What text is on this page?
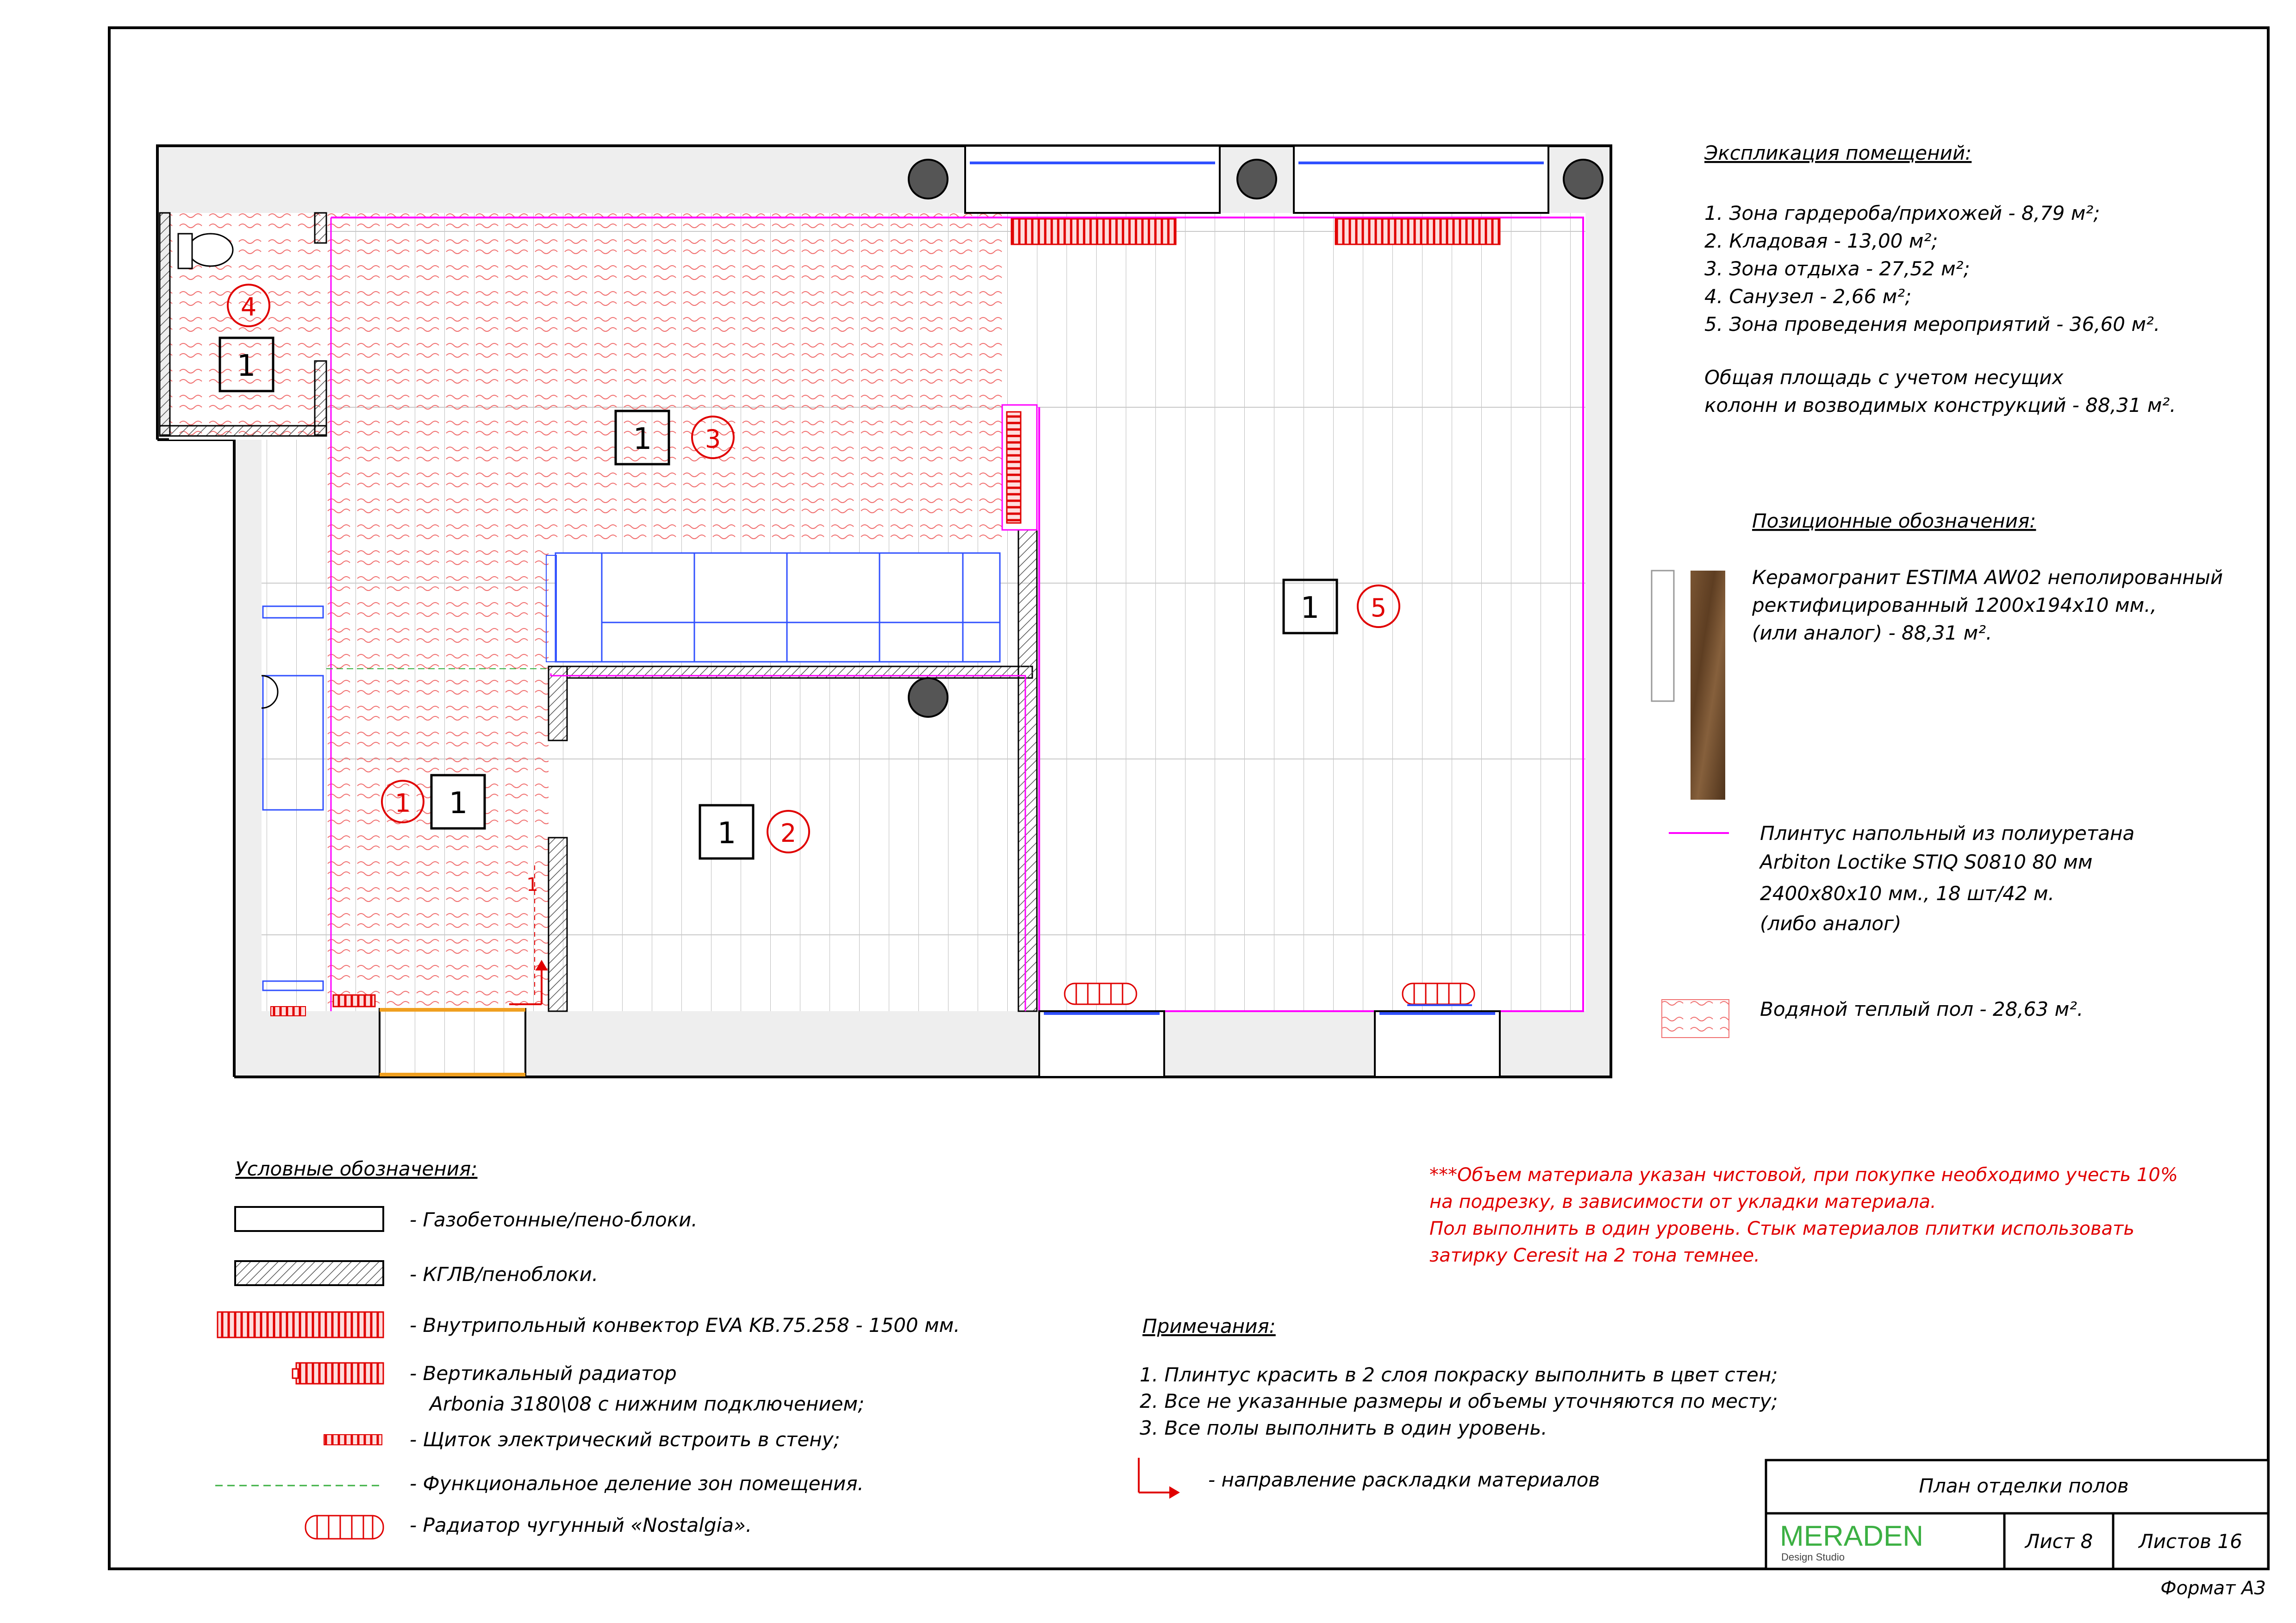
1
4
1 3
1 5
1
1
1 2
1
Экспликация помещений:
1. Зона гардероба/прихожей - 8,79 м²;
2. Кладовая - 13,00 м²;
3. Зона отдыха - 27,52 м²;
4. Санузел - 2,66 м²;
5. Зона проведения мероприятий - 36,60 м².
Общая площадь с учетом несущих
колонн и возводимых конструкций - 88,31 м².
Позиционные обозначения:
Керамогранит ESTIMA AW02 неполированный
ректифицированный 1200x194x10 мм.,
(или аналог) - 88,31 м².
Плинтус напольный из полиуретана
Arbiton Loctike STIQ S0810 80 мм
2400x80x10 мм., 18 шт/42 м.
(либо аналог)
Водяной теплый пол - 28,63 м².
Условные обозначения:
- Газобетонные/пено-блоки.
- КГЛВ/пеноблоки.
- Внутрипольный конвектор EVA KB.75.258 - 1500 мм.
- Вертикальный радиатор
Arbonia 3180\08 с нижним подключением;
- Щиток электрический встроить в стену;
- Функциональное деление зон помещения.
- Радиатор чугунный «Nostalgia».
***Объем материала указан чистовой, при покупке необходимо учесть 10%
на подрезку, в зависимости от укладки материала.
Пол выполнить в один уровень. Стык материалов плитки использовать
затирку Ceresit на 2 тона темнее.
Примечания:
1. Плинтус красить в 2 слоя покраску выполнить в цвет стен;
2. Все не указанные размеры и объемы уточняются по месту;
3. Все полы выполнить в один уровень.
- направление раскладки материалов	План отделки полов
MERADEN
Design Studio
Лист 8 Листов 16
Формат А3
